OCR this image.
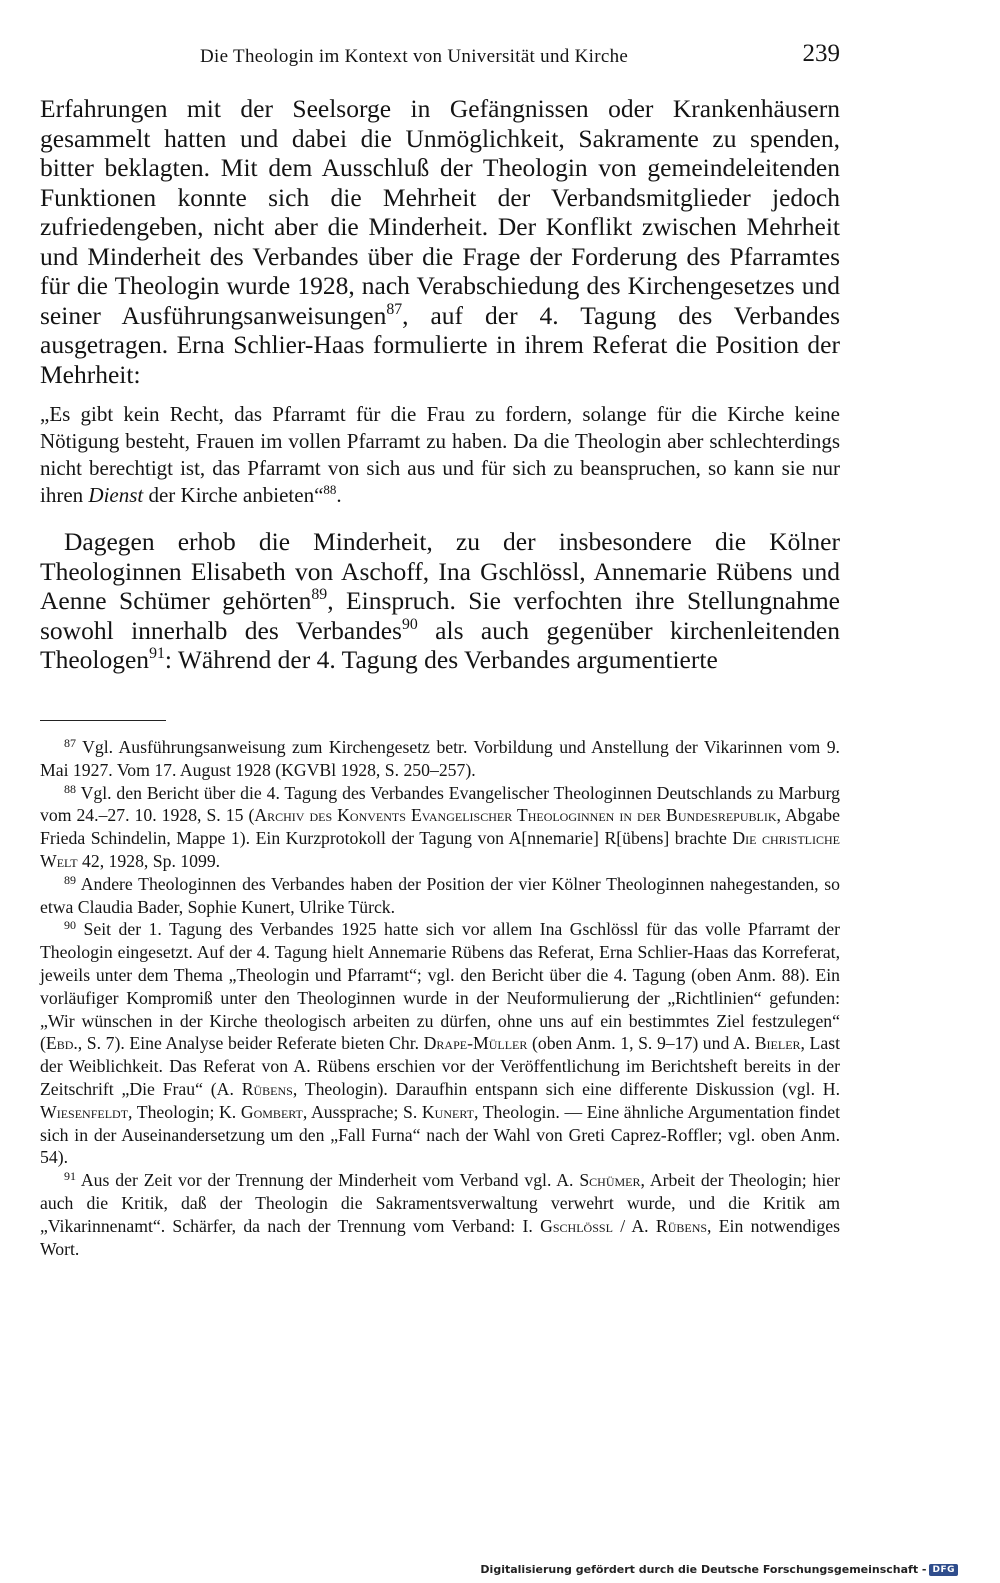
Die Theologin im Kontext von Universität und Kirche	239

Erfahrungen mit der Seelsorge in Gefängnissen oder Krankenhäusern gesammelt hatten und dabei die Unmöglichkeit, Sakramente zu spenden, bitter beklagten. Mit dem Ausschluß der Theologin von gemeindeleitenden Funktionen konnte sich die Mehrheit der Verbandsmitglieder jedoch zufriedengeben, nicht aber die Minderheit. Der Konflikt zwischen Mehrheit und Minderheit des Verbandes über die Frage der Forderung des Pfarramtes für die Theologin wurde 1928, nach Verabschiedung des Kirchengesetzes und seiner Ausführungsanweisungen$^{87}$, auf der 4. Tagung des Verbandes ausgetragen. Erna Schlier-Haas formulierte in ihrem Referat die Position der Mehrheit:

„Es gibt kein Recht, das Pfarramt für die Frau zu fordern, solange für die Kirche keine Nötigung besteht, Frauen im vollen Pfarramt zu haben. Da die Theologin aber schlechterdings nicht berechtigt ist, das Pfarramt von sich aus und für sich zu beanspruchen, so kann sie nur ihren Dienst der Kirche anbieten“$^{88}$.

Dagegen erhob die Minderheit, zu der insbesondere die Kölner Theologinnen Elisabeth von Aschoff, Ina Gschlössl, Annemarie Rübens und Aenne Schümer gehörten$^{89}$, Einspruch. Sie verfochten ihre Stellungnahme sowohl innerhalb des Verbandes$^{90}$ als auch gegenüber kirchenleitenden Theologen$^{91}$: Während der 4. Tagung des Verbandes argumentierte

$^{87}$ Vgl. Ausführungsanweisung zum Kirchengesetz betr. Vorbildung und Anstellung der Vikarinnen vom 9. Mai 1927. Vom 17. August 1928 (KGVBl 1928, S. 250–257).

$^{88}$ Vgl. den Bericht über die 4. Tagung des Verbandes Evangelischer Theologinnen Deutschlands zu Marburg vom 24.–27. 10. 1928, S. 15 (Archiv des Konvents Evangelischer Theologinnen in der Bundesrepublik, Abgabe Frieda Schindelin, Mappe 1). Ein Kurzprotokoll der Tagung von A[nnemarie] R[übens] brachte Die christliche Welt 42, 1928, Sp. 1099.

$^{89}$ Andere Theologinnen des Verbandes haben der Position der vier Kölner Theologinnen nahegestanden, so etwa Claudia Bader, Sophie Kunert, Ulrike Türck.

$^{90}$ Seit der 1. Tagung des Verbandes 1925 hatte sich vor allem Ina Gschlössl für das volle Pfarramt der Theologin eingesetzt. Auf der 4. Tagung hielt Annemarie Rübens das Referat, Erna Schlier-Haas das Korreferat, jeweils unter dem Thema „Theologin und Pfarramt“; vgl. den Bericht über die 4. Tagung (oben Anm. 88). Ein vorläufiger Kompromiß unter den Theologinnen wurde in der Neuformulierung der „Richtlinien“ gefunden: „Wir wünschen in der Kirche theologisch arbeiten zu dürfen, ohne uns auf ein bestimmtes Ziel festzulegen“ (Ebd., S. 7). Eine Analyse beider Referate bieten Chr. Drape-Müller (oben Anm. 1, S. 9–17) und A. Bieler, Last der Weiblichkeit. Das Referat von A. Rübens erschien vor der Veröffentlichung im Berichtsheft bereits in der Zeitschrift „Die Frau“ (A. Rübens, Theologin). Daraufhin entspann sich eine differente Diskussion (vgl. H. Wiesenfeldt, Theologin; K. Gombert, Aussprache; S. Kunert, Theologin. — Eine ähnliche Argumentation findet sich in der Auseinandersetzung um den „Fall Furna“ nach der Wahl von Greti Caprez-Roffler; vgl. oben Anm. 54).

$^{91}$ Aus der Zeit vor der Trennung der Minderheit vom Verband vgl. A. Schümer, Arbeit der Theologin; hier auch die Kritik, daß der Theologin die Sakramentsverwaltung verwehrt wurde, und die Kritik am „Vikarinnenamt“. Schärfer, da nach der Trennung vom Verband: I. Gschlössl / A. Rübens, Ein notwendiges Wort.

Digitalisierung gefördert durch die Deutsche Forschungsgemeinschaft - DFG
